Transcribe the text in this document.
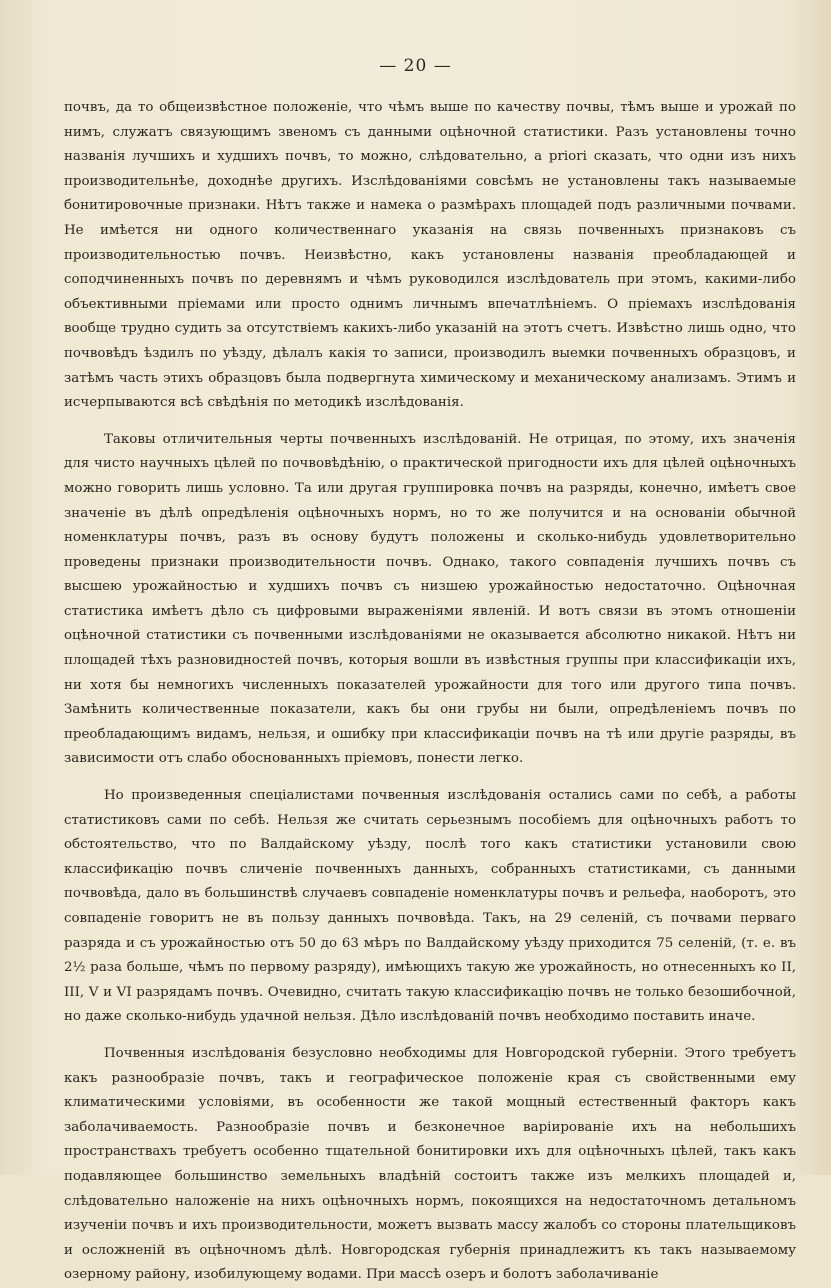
— 20 —

почвъ, да то общеизвѣстное положенiе, что чѣмъ выше по качеству почвы, тѣмъ выше и урожай по нимъ, служатъ связующимъ звеномъ съ данными оцѣночной статистики. Разъ установлены точно названiя лучшихъ и худшихъ почвъ, то можно, слѣдовательно, a priori сказать, что одни изъ нихъ производительнѣе, доходнѣе другихъ. Изслѣдованiями совсѣмъ не установлены такъ называемые бонитировочные признаки. Нѣтъ также и намека о размѣрахъ площадей подъ различными почвами. Не имѣется ни одного количественнаго указанiя на связь почвенныхъ признаковъ съ производительностью почвъ. Неизвѣстно, какъ установлены названiя преобладающей и соподчиненныхъ почвъ по деревнямъ и чѣмъ руководился изслѣдователь при этомъ, какими-либо объективными прiемами или просто однимъ личнымъ впечатлѣнiемъ. О прiемахъ изслѣдованiя вообще трудно судить за отсутствiемъ какихъ-либо указанiй на этотъ счетъ. Извѣстно лишь одно, что почвовѣдъ ѣздилъ по уѣзду, дѣлалъ какiя то записи, производилъ выемки почвенныхъ образцовъ, и затѣмъ часть этихъ образцовъ была подвергнута химическому и механическому анализамъ. Этимъ и исчерпываются всѣ свѣдѣнiя по методикѣ изслѣдованiя.

Таковы отличительныя черты почвенныхъ изслѣдованiй. Не отрицая, по этому, ихъ значенiя для чисто научныхъ цѣлей по почвовѣдѣнiю, о практической пригодности ихъ для цѣлей оцѣночныхъ можно говорить лишь условно. Та или другая группировка почвъ на разряды, конечно, имѣетъ свое значенiе въ дѣлѣ опредѣленiя оцѣночныхъ нормъ, но то же получится и на основанiи обычной номенклатуры почвъ, разъ въ основу будутъ положены и сколько-нибудь удовлетворительно проведены признаки производительности почвъ. Однако, такого совпаденiя лучшихъ почвъ съ высшею урожайностью и худшихъ почвъ съ низшею урожайностью недостаточно. Оцѣночная статистика имѣетъ дѣло съ цифровыми выраженiями явленiй. И вотъ связи въ этомъ отношенiи оцѣночной статистики съ почвенными изслѣдованiями не оказывается абсолютно никакой. Нѣтъ ни площадей тѣхъ разновидностей почвъ, которыя вошли въ извѣстныя группы при классификацiи ихъ, ни хотя бы немногихъ численныхъ показателей урожайности для того или другого типа почвъ. Замѣнить количественные показатели, какъ бы они грубы ни были, опредѣленiемъ почвъ по преобладающимъ видамъ, нельзя, и ошибку при классификацiи почвъ на тѣ или другiе разряды, въ зависимости отъ слабо обоснованныхъ прiемовъ, понести легко.

Но произведенныя спецiалистами почвенныя изслѣдованiя остались сами по себѣ, а работы статистиковъ сами по себѣ. Нельзя же считать серьезнымъ пособiемъ для оцѣночныхъ работъ то обстоятельство, что по Валдайскому уѣзду, послѣ того какъ статистики установили свою классификацiю почвъ сличенiе почвенныхъ данныхъ, собранныхъ статистиками, съ данными почвовѣда, дало въ большинствѣ случаевъ совпаденiе номенклатуры почвъ и рельефа, наоборотъ, это совпаденiе говоритъ не въ пользу данныхъ почвовѣда. Такъ, на 29 селенiй, съ почвами перваго разряда и съ урожайностью отъ 50 до 63 мѣръ по Валдайскому уѣзду приходится 75 селенiй, (т. е. въ 2½ раза больше, чѣмъ по первому разряду), имѣющихъ такую же урожайность, но отнесенныхъ ко II, III, V и VI разрядамъ почвъ. Очевидно, считать такую классификацiю почвъ не только безошибочной, но даже сколько-нибудь удачной нельзя. Дѣло изслѣдованiй почвъ необходимо поставить иначе.

Почвенныя изслѣдованiя безусловно необходимы для Новгородской губернiи. Этого требуетъ какъ разнообразiе почвъ, такъ и географическое положенiе края съ свойственными ему климатическими условiями, въ особенности же такой мощный естественный факторъ какъ заболачиваемость. Разнообразiе почвъ и безконечное варiированiе ихъ на небольшихъ пространствахъ требуетъ особенно тщательной бонитировки ихъ для оцѣночныхъ цѣлей, такъ какъ подавляющее большинство земельныхъ владѣнiй состоитъ также изъ мелкихъ площадей и, слѣдовательно наложенiе на нихъ оцѣночныхъ нормъ, покоящихся на недостаточномъ детальномъ изученiи почвъ и ихъ производительности, можетъ вызвать массу жалобъ со стороны плательщиковъ и осложненiй въ оцѣночномъ дѣлѣ. Новгородская губернiя принадлежитъ къ такъ называемому озерному району, изобилующему водами. При массѣ озеръ и болотъ заболачиванiе
